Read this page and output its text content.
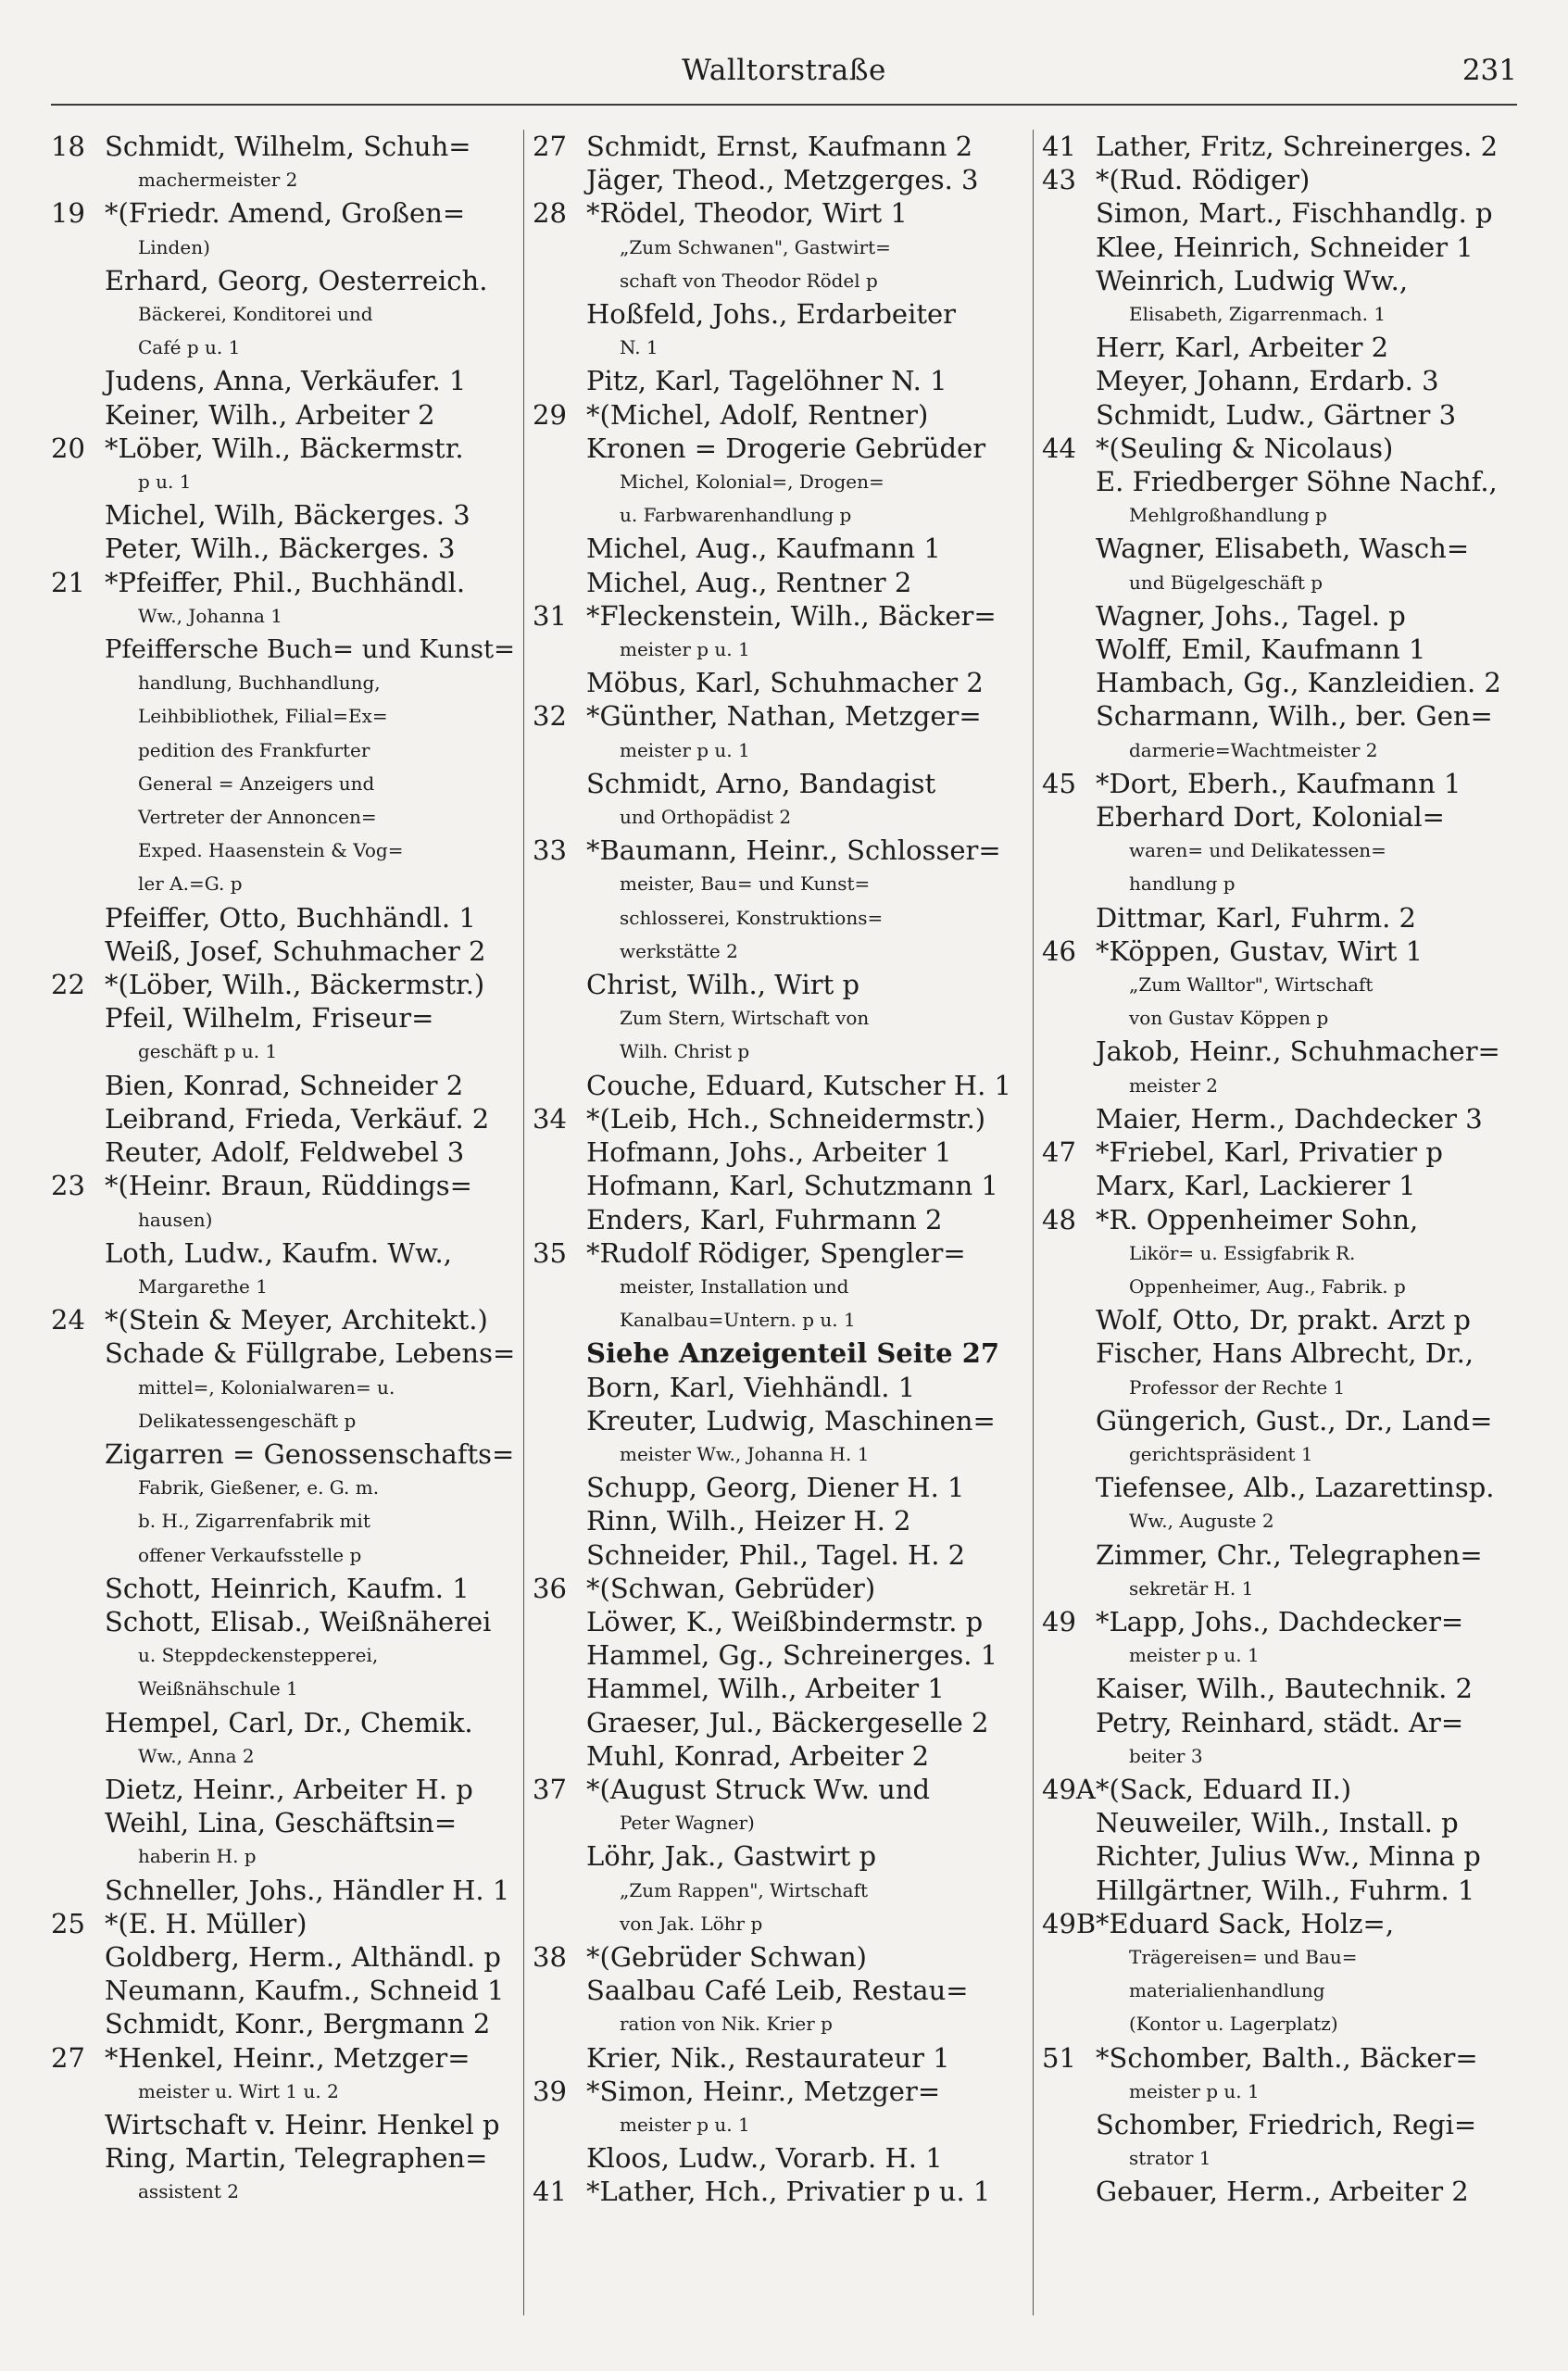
Walltorstraße	231
18 Schmidt, Wilhelm, Schuh=
machermeister 2
19 *(Friedr. Amend, Großen=
Linden)
Erhard, Georg, Oesterreich.
Bäckerei, Konditorei und
Café p u. 1
Judens, Anna, Verkäufer. 1
Keiner, Wilh., Arbeiter 2
20 *Löber, Wilh., Bäckermstr.
p u. 1
Michel, Wilh, Bäckerges. 3
Peter, Wilh., Bäckerges. 3
21 *Pfeiffer, Phil., Buchhändl.
Ww., Johanna 1
Pfeiffersche Buch= und Kunst=
handlung, Buchhandlung,
Leihbibliothek, Filial=Ex=
pedition des Frankfurter
General = Anzeigers und
Vertreter der Annoncen=
Exped. Haasenstein & Vog=
ler A.=G. p
Pfeiffer, Otto, Buchhändl. 1
Weiß, Josef, Schuhmacher 2
22 *(Löber, Wilh., Bäckermstr.)
Pfeil, Wilhelm, Friseur=
geschäft p u. 1
Bien, Konrad, Schneider 2
Leibrand, Frieda, Verkäuf. 2
Reuter, Adolf, Feldwebel 3
23 *(Heinr. Braun, Rüddings=
hausen)
Loth, Ludw., Kaufm. Ww.,
Margarethe 1
24 *(Stein & Meyer, Architekt.)
Schade & Füllgrabe, Lebens=
mittel=, Kolonialwaren= u.
Delikatessengeschäft p
Zigarren = Genossenschafts=
Fabrik, Gießener, e. G. m.
b. H., Zigarrenfabrik mit
offener Verkaufsstelle p
Schott, Heinrich, Kaufm. 1
Schott, Elisab., Weißnäherei
u. Steppdeckenstepperei,
Weißnähschule 1
Hempel, Carl, Dr., Chemik.
Ww., Anna 2
Dietz, Heinr., Arbeiter H. p
Weihl, Lina, Geschäftsin=
haberin H. p
Schneller, Johs., Händler H. 1
25 *(E. H. Müller)
Goldberg, Herm., Althändl. p
Neumann, Kaufm., Schneid 1
Schmidt, Konr., Bergmann 2
27 *Henkel, Heinr., Metzger=
meister u. Wirt 1 u. 2
Wirtschaft v. Heinr. Henkel p
Ring, Martin, Telegraphen=
assistent 2
27 Schmidt, Ernst, Kaufmann 2
Jäger, Theod., Metzgerges. 3
28 *Rödel, Theodor, Wirt 1
„Zum Schwanen", Gastwirt=
schaft von Theodor Rödel p
Hoßfeld, Johs., Erdarbeiter
N. 1
Pitz, Karl, Tagelöhner N. 1
29 *(Michel, Adolf, Rentner)
Kronen = Drogerie Gebrüder
Michel, Kolonial=, Drogen=
u. Farbwarenhandlung p
Michel, Aug., Kaufmann 1
Michel, Aug., Rentner 2
31 *Fleckenstein, Wilh., Bäcker=
meister p u. 1
Möbus, Karl, Schuhmacher 2
32 *Günther, Nathan, Metzger=
meister p u. 1
Schmidt, Arno, Bandagist
und Orthopädist 2
33 *Baumann, Heinr., Schlosser=
meister, Bau= und Kunst=
schlosserei, Konstruktions=
werkstätte 2
Christ, Wilh., Wirt p
Zum Stern, Wirtschaft von
Wilh. Christ p
Couche, Eduard, Kutscher H. 1
34 *(Leib, Hch., Schneidermstr.)
Hofmann, Johs., Arbeiter 1
Hofmann, Karl, Schutzmann 1
Enders, Karl, Fuhrmann 2
35 *Rudolf Rödiger, Spengler=
meister, Installation und
Kanalbau=Untern. p u. 1
Siehe Anzeigenteil Seite 27
Born, Karl, Viehhändl. 1
Kreuter, Ludwig, Maschinen=
meister Ww., Johanna H. 1
Schupp, Georg, Diener H. 1
Rinn, Wilh., Heizer H. 2
Schneider, Phil., Tagel. H. 2
36 *(Schwan, Gebrüder)
Löwer, K., Weißbindermstr. p
Hammel, Gg., Schreinerges. 1
Hammel, Wilh., Arbeiter 1
Graeser, Jul., Bäckergeselle 2
Muhl, Konrad, Arbeiter 2
37 *(August Struck Ww. und
Peter Wagner)
Löhr, Jak., Gastwirt p
„Zum Rappen", Wirtschaft
von Jak. Löhr p
38 *(Gebrüder Schwan)
Saalbau Café Leib, Restau=
ration von Nik. Krier p
Krier, Nik., Restaurateur 1
39 *Simon, Heinr., Metzger=
meister p u. 1
Kloos, Ludw., Vorarb. H. 1
41 *Lather, Hch., Privatier p u. 1
41 Lather, Fritz, Schreinerges. 2
43 *(Rud. Rödiger)
Simon, Mart., Fischhandlg. p
Klee, Heinrich, Schneider 1
Weinrich, Ludwig Ww.,
Elisabeth, Zigarrenmach. 1
Herr, Karl, Arbeiter 2
Meyer, Johann, Erdarb. 3
Schmidt, Ludw., Gärtner 3
44 *(Seuling & Nicolaus)
E. Friedberger Söhne Nachf.,
Mehlgroßhandlung p
Wagner, Elisabeth, Wasch=
und Bügelgeschäft p
Wagner, Johs., Tagel. p
Wolff, Emil, Kaufmann 1
Hambach, Gg., Kanzleidien. 2
Scharmann, Wilh., ber. Gen=
darmerie=Wachtmeister 2
45 *Dort, Eberh., Kaufmann 1
Eberhard Dort, Kolonial=
waren= und Delikatessen=
handlung p
Dittmar, Karl, Fuhrm. 2
46 *Köppen, Gustav, Wirt 1
„Zum Walltor", Wirtschaft
von Gustav Köppen p
Jakob, Heinr., Schuhmacher=
meister 2
Maier, Herm., Dachdecker 3
47 *Friebel, Karl, Privatier p
Marx, Karl, Lackierer 1
48 *R. Oppenheimer Sohn,
Likör= u. Essigfabrik R.
Oppenheimer, Aug., Fabrik. p
Wolf, Otto, Dr, prakt. Arzt p
Fischer, Hans Albrecht, Dr.,
Professor der Rechte 1
Güngerich, Gust., Dr., Land=
gerichtspräsident 1
Tiefensee, Alb., Lazarettinsp.
Ww., Auguste 2
Zimmer, Chr., Telegraphen=
sekretär H. 1
49 *Lapp, Johs., Dachdecker=
meister p u. 1
Kaiser, Wilh., Bautechnik. 2
Petry, Reinhard, städt. Ar=
beiter 3
49A *(Sack, Eduard II.)
Neuweiler, Wilh., Install. p
Richter, Julius Ww., Minna p
Hillgärtner, Wilh., Fuhrm. 1
49B *Eduard Sack, Holz=,
Trägereisen= und Bau=
materialienhandlung
(Kontor u. Lagerplatz)
51 *Schomber, Balth., Bäcker=
meister p u. 1
Schomber, Friedrich, Regi=
strator 1
Gebauer, Herm., Arbeiter 2
